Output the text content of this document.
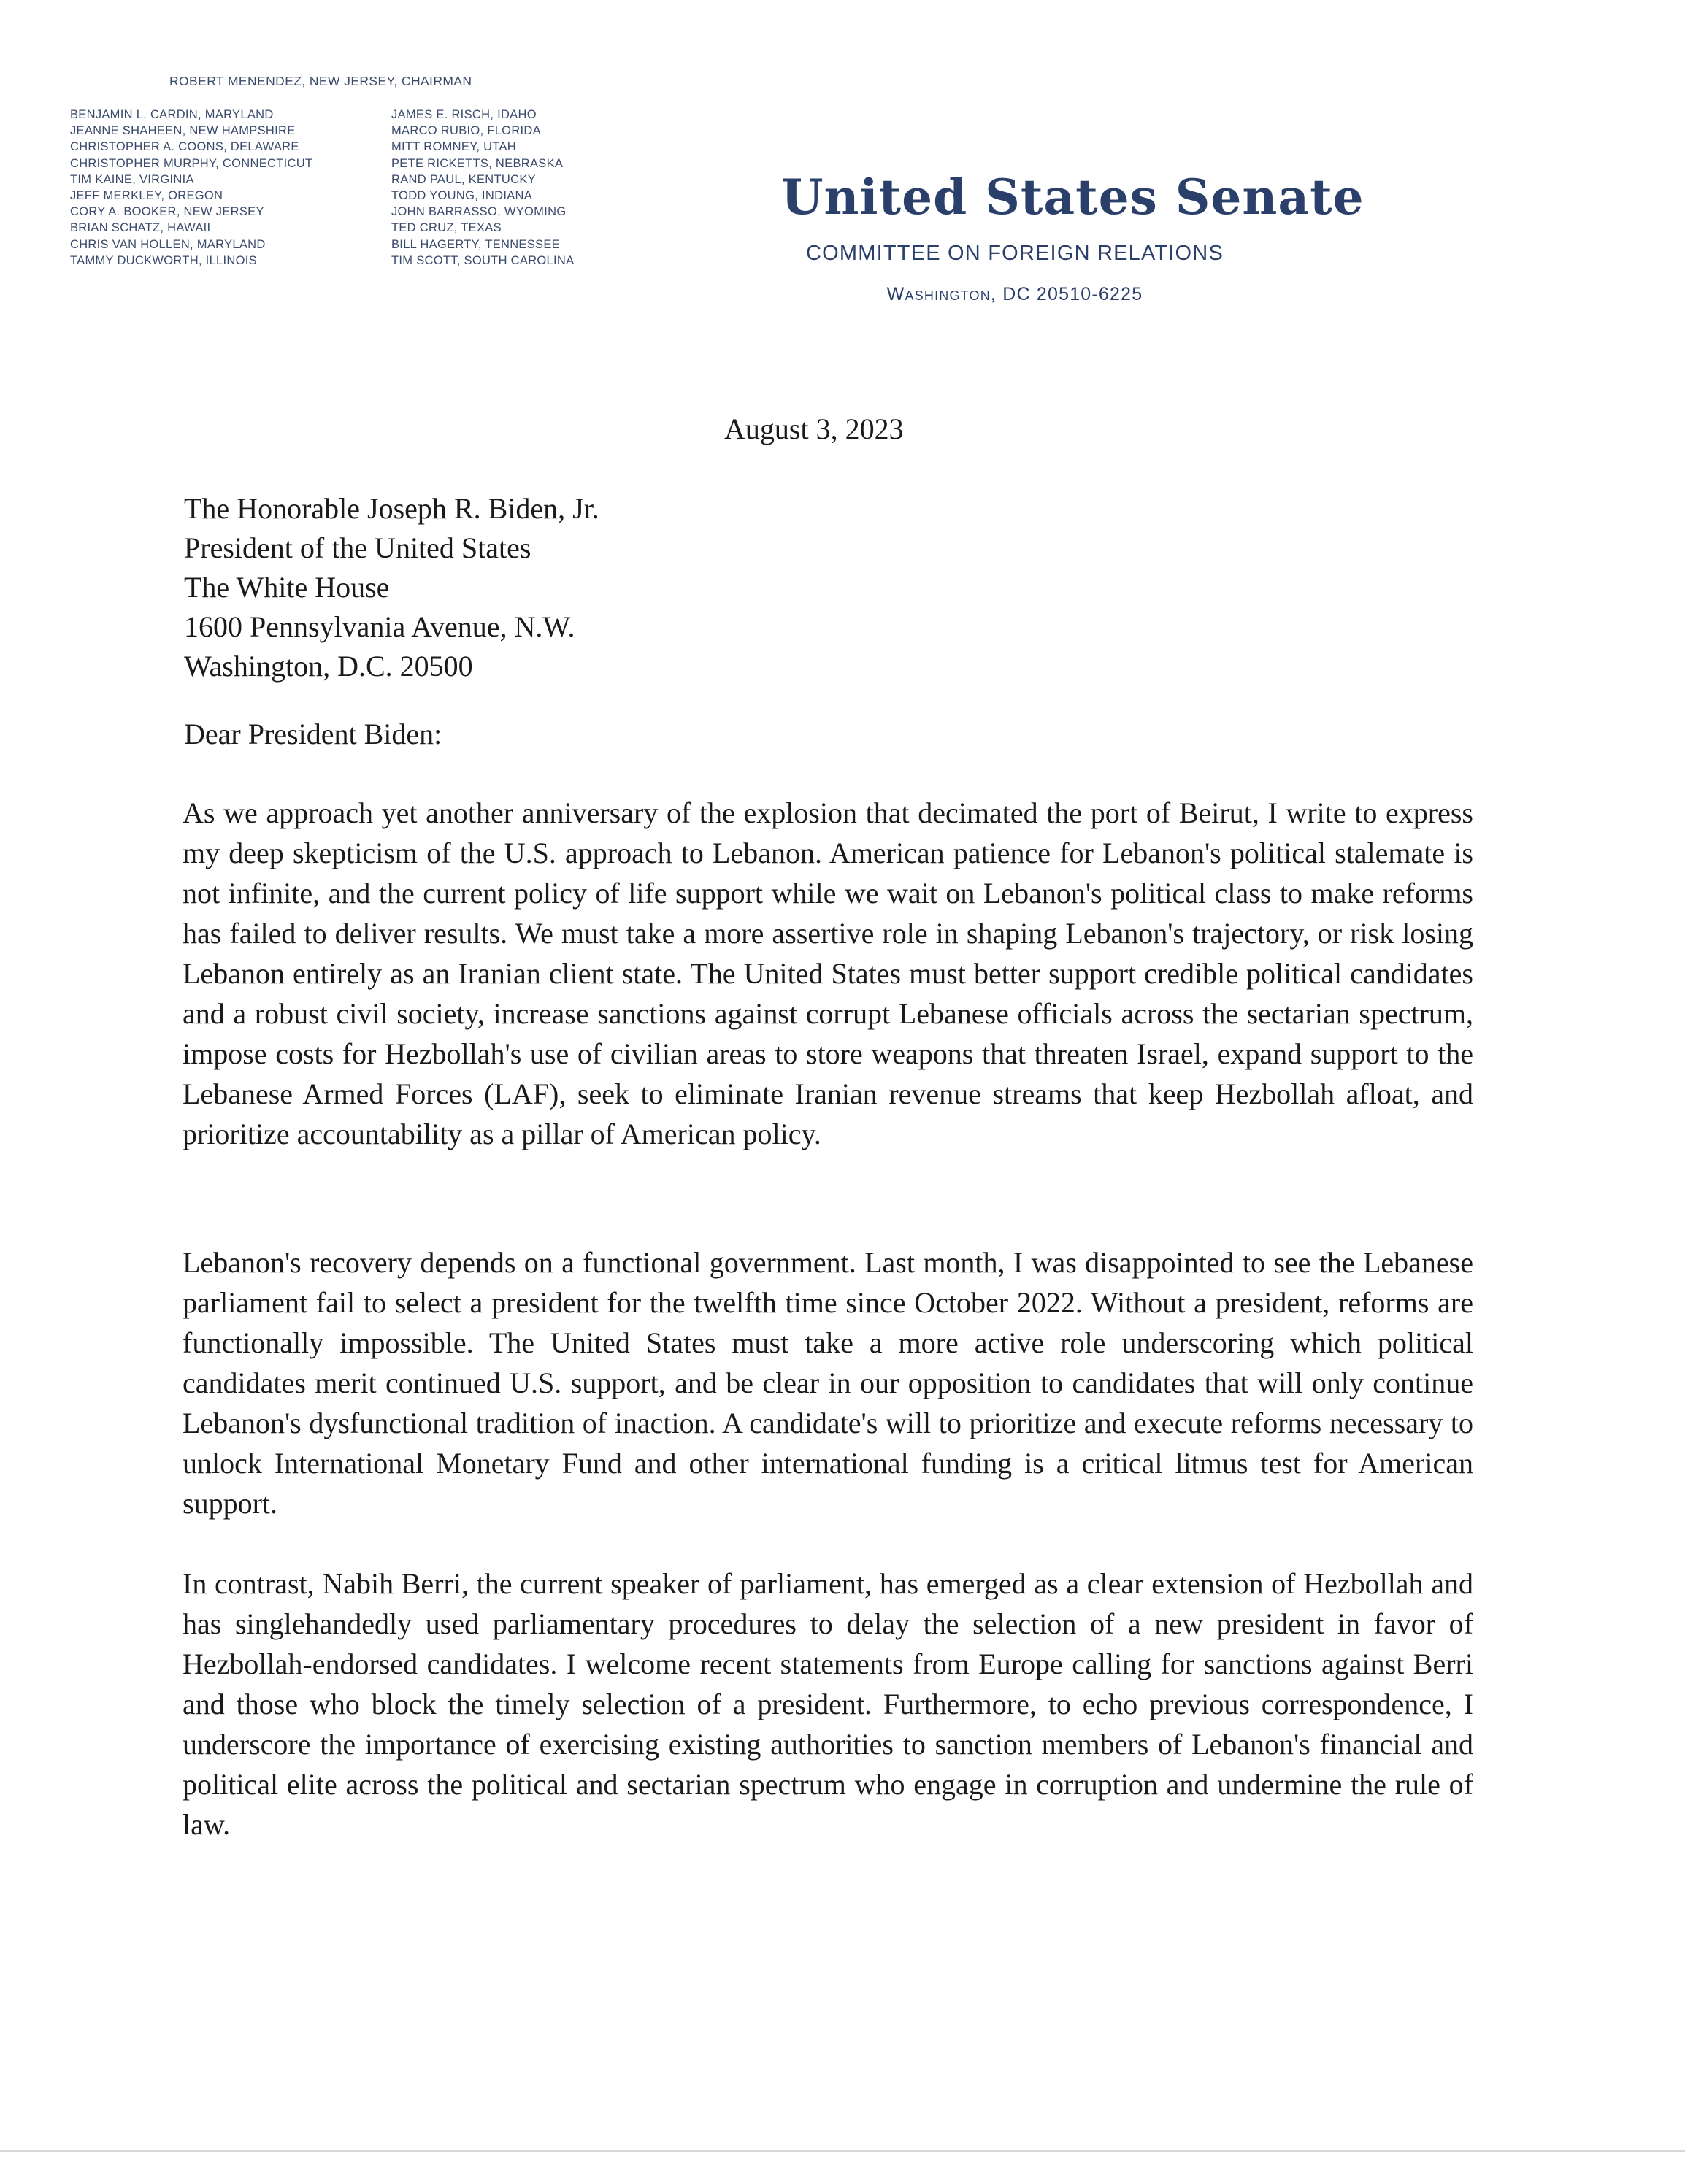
ROBERT MENENDEZ, NEW JERSEY, CHAIRMAN
BENJAMIN L. CARDIN, MARYLAND
JEANNE SHAHEEN, NEW HAMPSHIRE
CHRISTOPHER A. COONS, DELAWARE
CHRISTOPHER MURPHY, CONNECTICUT
TIM KAINE, VIRGINIA
JEFF MERKLEY, OREGON
CORY A. BOOKER, NEW JERSEY
BRIAN SCHATZ, HAWAII
CHRIS VAN HOLLEN, MARYLAND
TAMMY DUCKWORTH, ILLINOIS
JAMES E. RISCH, IDAHO
MARCO RUBIO, FLORIDA
MITT ROMNEY, UTAH
PETE RICKETTS, NEBRASKA
RAND PAUL, KENTUCKY
TODD YOUNG, INDIANA
JOHN BARRASSO, WYOMING
TED CRUZ, TEXAS
BILL HAGERTY, TENNESSEE
TIM SCOTT, SOUTH CAROLINA
United States Senate
COMMITTEE ON FOREIGN RELATIONS
Washington, DC 20510-6225
August 3, 2023
The Honorable Joseph R. Biden, Jr.
President of the United States
The White House
1600 Pennsylvania Avenue, N.W.
Washington, D.C. 20500
Dear President Biden:

As we approach yet another anniversary of the explosion that decimated the port of Beirut, I write to express my deep skepticism of the U.S. approach to Lebanon. American patience for Lebanon's political stalemate is not infinite, and the current policy of life support while we wait on Lebanon's political class to make reforms has failed to deliver results. We must take a more assertive role in shaping Lebanon's trajectory, or risk losing Lebanon entirely as an Iranian client state. The United States must better support credible political candidates and a robust civil society, increase sanctions against corrupt Lebanese officials across the sectarian spectrum, impose costs for Hezbollah's use of civilian areas to store weapons that threaten Israel, expand support to the Lebanese Armed Forces (LAF), seek to eliminate Iranian revenue streams that keep Hezbollah afloat, and prioritize accountability as a pillar of American policy.

Lebanon's recovery depends on a functional government. Last month, I was disappointed to see the Lebanese parliament fail to select a president for the twelfth time since October 2022. Without a president, reforms are functionally impossible. The United States must take a more active role underscoring which political candidates merit continued U.S. support, and be clear in our opposition to candidates that will only continue Lebanon's dysfunctional tradition of inaction. A candidate's will to prioritize and execute reforms necessary to unlock International Monetary Fund and other international funding is a critical litmus test for American support.

In contrast, Nabih Berri, the current speaker of parliament, has emerged as a clear extension of Hezbollah and has singlehandedly used parliamentary procedures to delay the selection of a new president in favor of Hezbollah-endorsed candidates. I welcome recent statements from Europe calling for sanctions against Berri and those who block the timely selection of a president. Furthermore, to echo previous correspondence, I underscore the importance of exercising existing authorities to sanction members of Lebanon's financial and political elite across the political and sectarian spectrum who engage in corruption and undermine the rule of law.
